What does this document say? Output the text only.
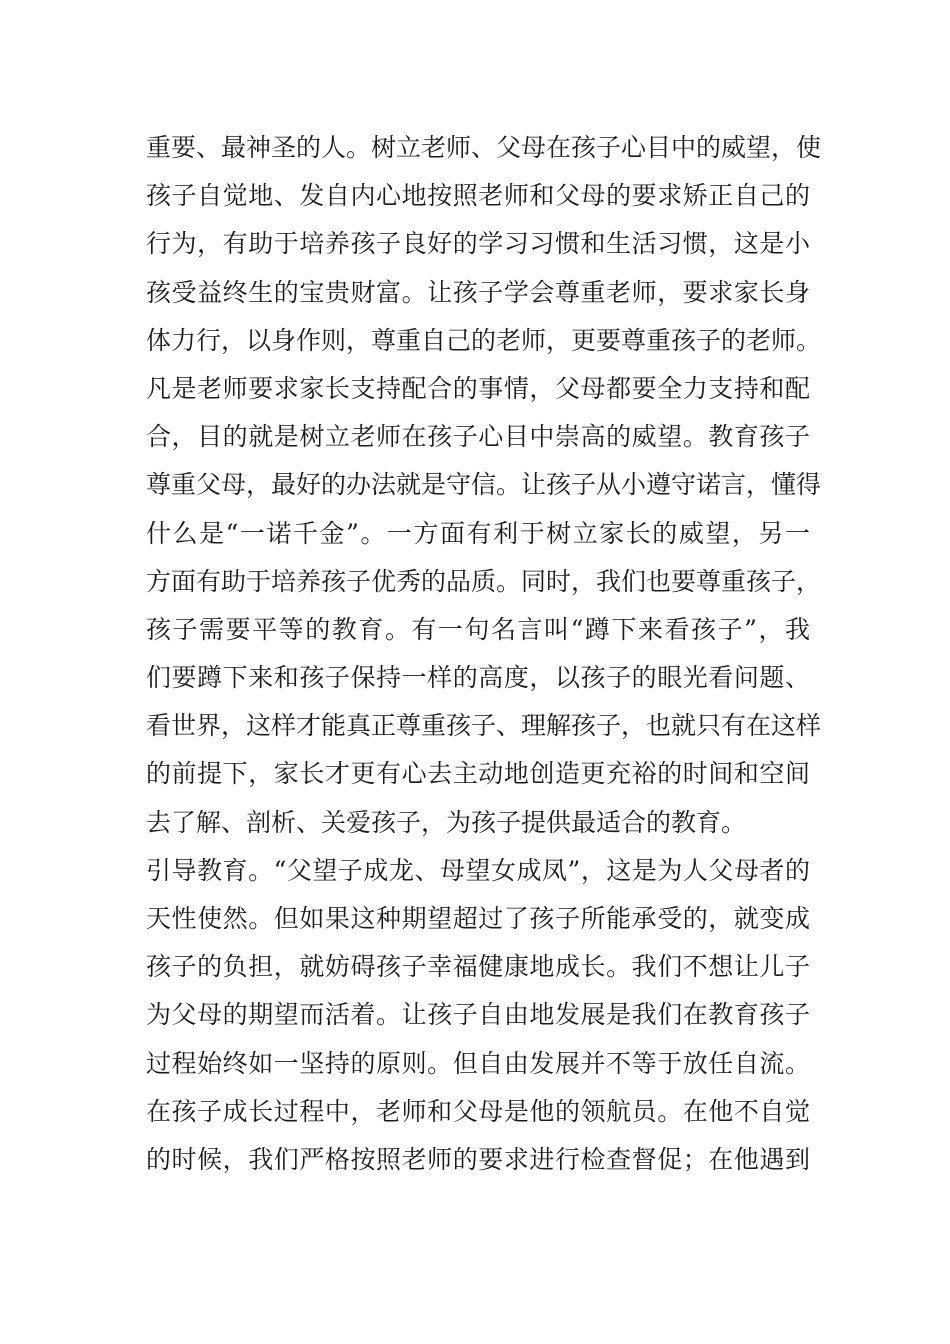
重要、最神圣的人。树立老师、父母在孩子心目中的威望，使
孩子自觉地、发自内心地按照老师和父母的要求矫正自己的
行为，有助于培养孩子良好的学习习惯和生活习惯，这是小
孩受益终生的宝贵财富。让孩子学会尊重老师，要求家长身
体力行，以身作则，尊重自己的老师，更要尊重孩子的老师。
凡是老师要求家长支持配合的事情，父母都要全力支持和配
合，目的就是树立老师在孩子心目中崇高的威望。教育孩子
尊重父母，最好的办法就是守信。让孩子从小遵守诺言，懂得
什么是“一诺千金”。一方面有利于树立家长的威望，另一
方面有助于培养孩子优秀的品质。同时，我们也要尊重孩子，
孩子需要平等的教育。有一句名言叫“蹲下来看孩子”，我
们要蹲下来和孩子保持一样的高度，以孩子的眼光看问题、
看世界，这样才能真正尊重孩子、理解孩子，也就只有在这样
的前提下，家长才更有心去主动地创造更充裕的时间和空间
去了解、剖析、关爱孩子，为孩子提供最适合的教育。
引导教育。“父望子成龙、母望女成凤”，这是为人父母者的
天性使然。但如果这种期望超过了孩子所能承受的，就变成
孩子的负担，就妨碍孩子幸福健康地成长。我们不想让儿子
为父母的期望而活着。让孩子自由地发展是我们在教育孩子
过程始终如一坚持的原则。但自由发展并不等于放任自流。
在孩子成长过程中，老师和父母是他的领航员。在他不自觉
的时候，我们严格按照老师的要求进行检查督促；在他遇到
